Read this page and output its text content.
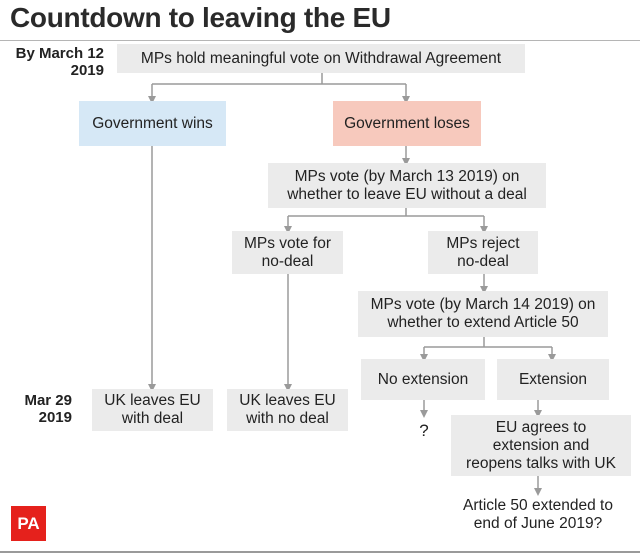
Countdown to leaving the EU
By March 12
2019
Mar 29
2019
MPs hold meaningful vote on Withdrawal Agreement
Government wins	Government loses
MPs vote (by March 13 2019) on
whether to leave EU without a deal
MPs vote for
no-deal
MPs reject
no-deal
MPs vote (by March 14 2019) on
whether to extend Article 50
No extension	Extension
UK leaves EU
with deal
UK leaves EU
with no deal
?	EU agrees to
extension and
reopens talks with UK
Article 50 extended to
end of June 2019?
PA
